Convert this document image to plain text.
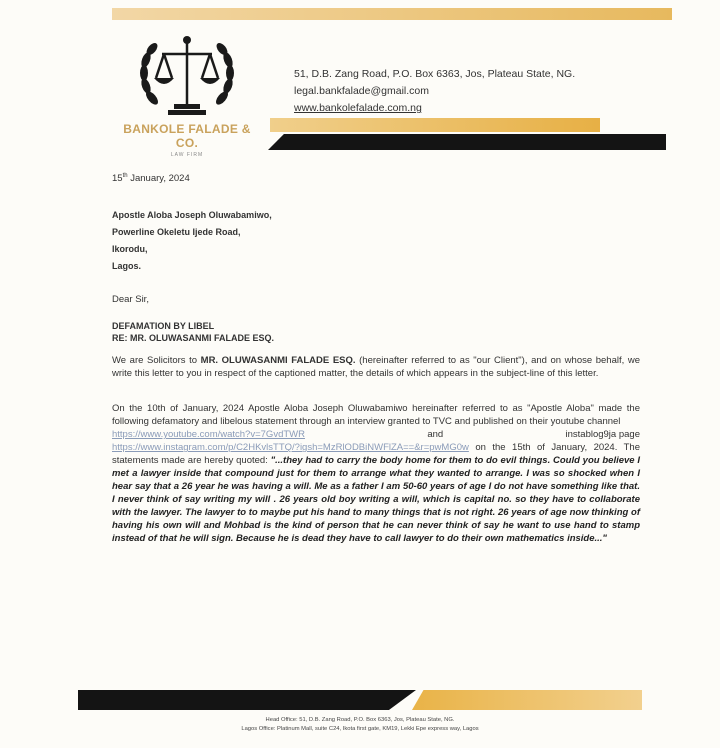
BANKOLE FALADE & CO.
LAW FIRM
51, D.B. Zang Road, P.O. Box 6363, Jos, Plateau State, NG.
legal.bankfalade@gmail.com
www.bankolefalade.com.ng
15th January, 2024
Apostle Aloba Joseph Oluwabamiwo,
Powerline Okeletu Ijede Road,
Ikorodu,
Lagos.
Dear Sir,
DEFAMATION BY LIBEL
RE: MR. OLUWASANMI FALADE ESQ.
We are Solicitors to MR. OLUWASANMI FALADE ESQ. (hereinafter referred to as "our Client"), and on whose behalf, we write this letter to you in respect of the captioned matter, the details of which appears in the subject-line of this letter.
On the 10th of January, 2024 Apostle Aloba Joseph Oluwabamiwo hereinafter referred to as "Apostle Aloba" made the following defamatory and libelous statement through an interview granted to TVC and published on their youtube channel
https://www.youtube.com/watch?v=7GvdTWR	and	instablog9ja page
https://www.instagram.com/p/C2HKvlsTTQ/?igsh=MzRlODBiNWFlZA==&r=pwMG0w on the 15th of January, 2024. The statements made are hereby quoted: "...they had to carry the body home for them to do evil things. Could you believe I met a lawyer inside that compound just for them to arrange what they wanted to arrange. I was so shocked when I hear say that a 26 year he was having a will. Me as a father I am 50-60 years of age I do not have something like that. I never think of say writing my will . 26 years old boy writing a will, which is capital no. so they have to collaborate with the lawyer. The lawyer to to maybe put his hand to many things that is not right. 26 years of age now thinking of having his own will and Mohbad is the kind of person that he can never think of say he want to use hand to stamp instead of that he will sign. Because he is dead they have to call lawyer to do their own mathematics inside..."
Head Office: 51, D.B. Zang Road, P.O. Box 6363, Jos, Plateau State, NG.
Lagos Office: Platinum Mall, suite C24, Ikota first gate, KM19, Lekki Epe express way, Lagos
